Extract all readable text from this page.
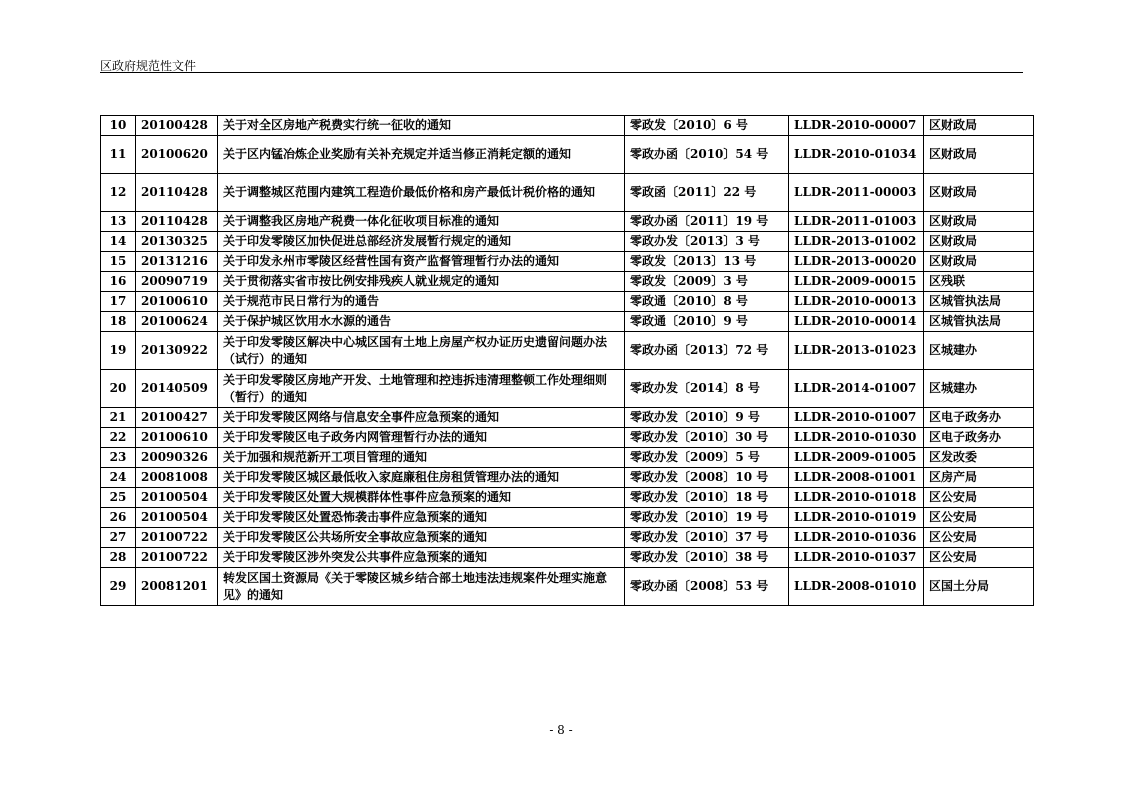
区政府规范性文件
10	20100428	关于对全区房地产税费实行统一征收的通知	零政发〔2010〕6 号	LLDR-2010-00007	区财政局
11	20100620	关于区内锰冶炼企业奖励有关补充规定并适当修正消耗定额的通知	零政办函〔2010〕54 号	LLDR-2010-01034	区财政局
12	20110428	关于调整城区范围内建筑工程造价最低价格和房产最低计税价格的通知	零政函〔2011〕22 号	LLDR-2011-00003	区财政局
13	20110428	关于调整我区房地产税费一体化征收项目标准的通知	零政办函〔2011〕19 号	LLDR-2011-01003	区财政局
14	20130325	关于印发零陵区加快促进总部经济发展暂行规定的通知	零政办发〔2013〕3 号	LLDR-2013-01002	区财政局
15	20131216	关于印发永州市零陵区经营性国有资产监督管理暂行办法的通知	零政发〔2013〕13 号	LLDR-2013-00020	区财政局
16	20090719	关于贯彻落实省市按比例安排残疾人就业规定的通知	零政发〔2009〕3 号	LLDR-2009-00015	区残联
17	20100610	关于规范市民日常行为的通告	零政通〔2010〕8 号	LLDR-2010-00013	区城管执法局
18	20100624	关于保护城区饮用水水源的通告	零政通〔2010〕9 号	LLDR-2010-00014	区城管执法局
19	20130922	关于印发零陵区解决中心城区国有土地上房屋产权办证历史遗留问题办法（试行）的通知	零政办函〔2013〕72 号	LLDR-2013-01023	区城建办
20	20140509	关于印发零陵区房地产开发、土地管理和控违拆违清理整顿工作处理细则（暂行）的通知	零政办发〔2014〕8 号	LLDR-2014-01007	区城建办
21	20100427	关于印发零陵区网络与信息安全事件应急预案的通知	零政办发〔2010〕9 号	LLDR-2010-01007	区电子政务办
22	20100610	关于印发零陵区电子政务内网管理暂行办法的通知	零政办发〔2010〕30 号	LLDR-2010-01030	区电子政务办
23	20090326	关于加强和规范新开工项目管理的通知	零政办发〔2009〕5 号	LLDR-2009-01005	区发改委
24	20081008	关于印发零陵区城区最低收入家庭廉租住房租赁管理办法的通知	零政办发〔2008〕10 号	LLDR-2008-01001	区房产局
25	20100504	关于印发零陵区处置大规模群体性事件应急预案的通知	零政办发〔2010〕18 号	LLDR-2010-01018	区公安局
26	20100504	关于印发零陵区处置恐怖袭击事件应急预案的通知	零政办发〔2010〕19 号	LLDR-2010-01019	区公安局
27	20100722	关于印发零陵区公共场所安全事故应急预案的通知	零政办发〔2010〕37 号	LLDR-2010-01036	区公安局
28	20100722	关于印发零陵区涉外突发公共事件应急预案的通知	零政办发〔2010〕38 号	LLDR-2010-01037	区公安局
29	20081201	转发区国土资源局《关于零陵区城乡结合部土地违法违规案件处理实施意见》的通知	零政办函〔2008〕53 号	LLDR-2008-01010	区国土分局
- 8 -
